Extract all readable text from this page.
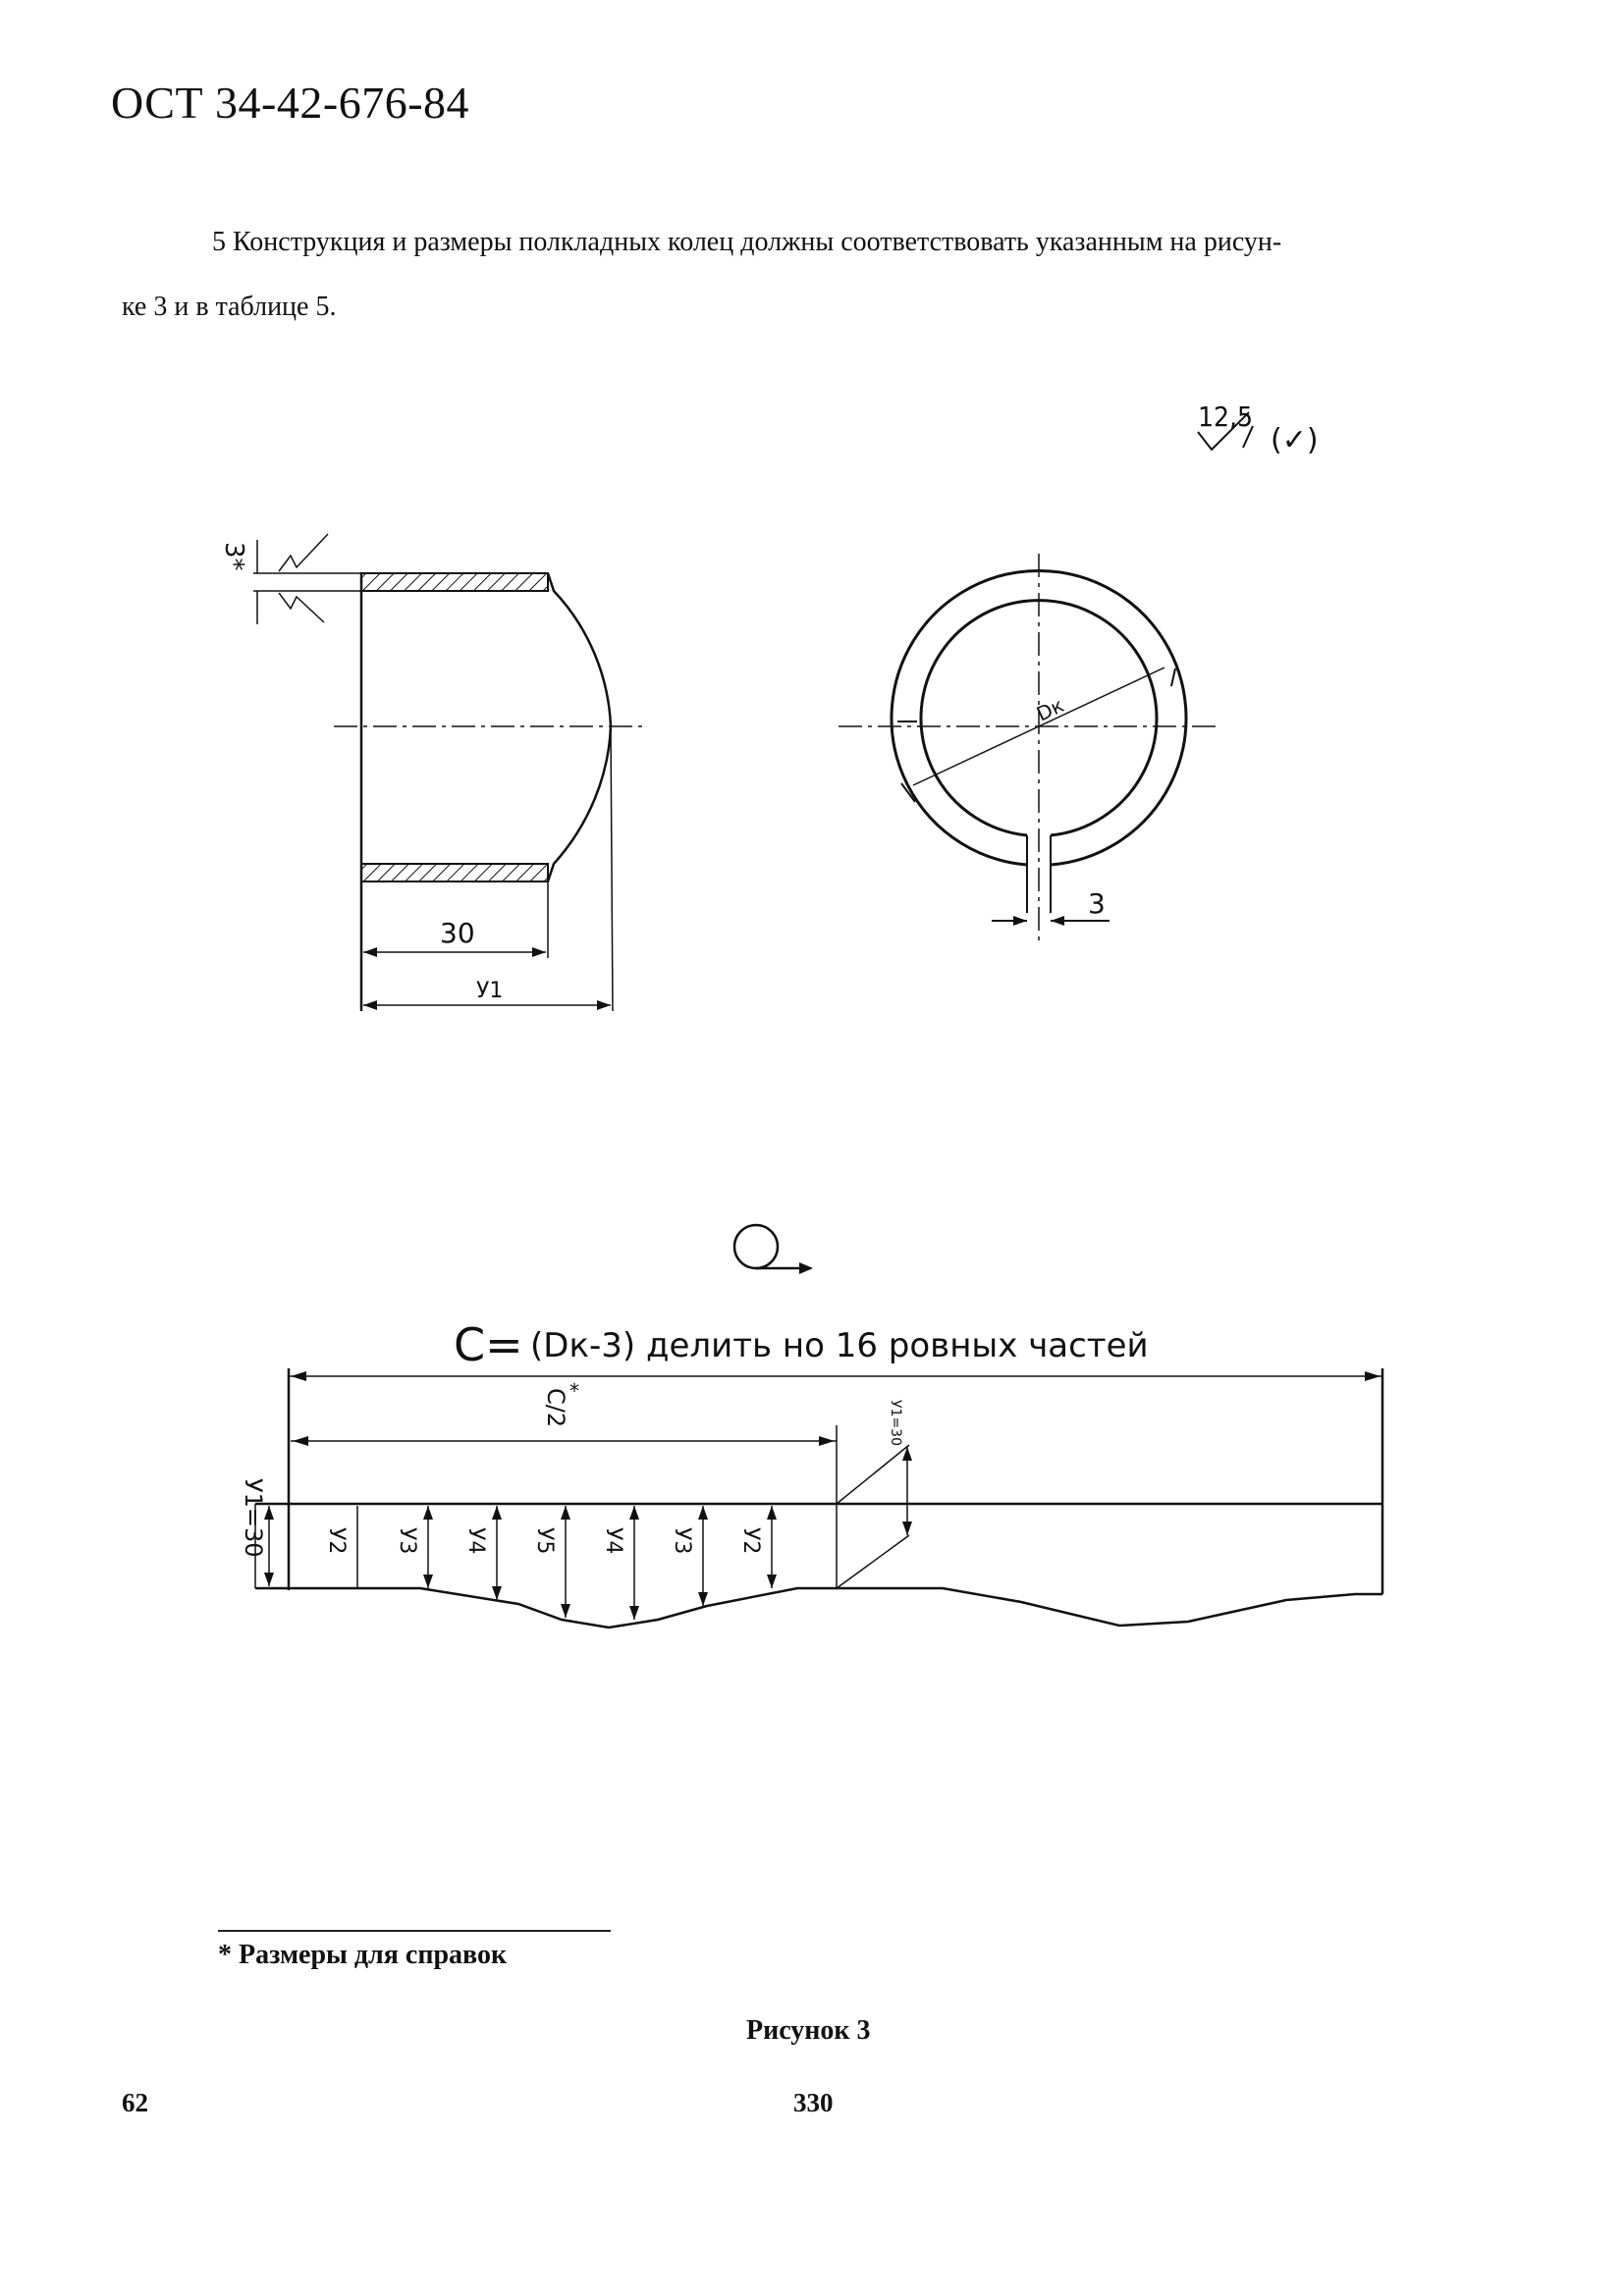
ОСТ 34-42-676-84
5 Конструкция и размеры полкладных колец должны соответствовать указанным на рисун-
ке 3 и в таблице 5.
12,5
(✓)
3*
30
У1
Dк
3
C= (Dк-3) делить но 16 ровных частей
C/2 *
У1=30	У2 У3 У4 У5 У4 У3 У2
У1=30
* Размеры для справок
Рисунок 3
62	330
